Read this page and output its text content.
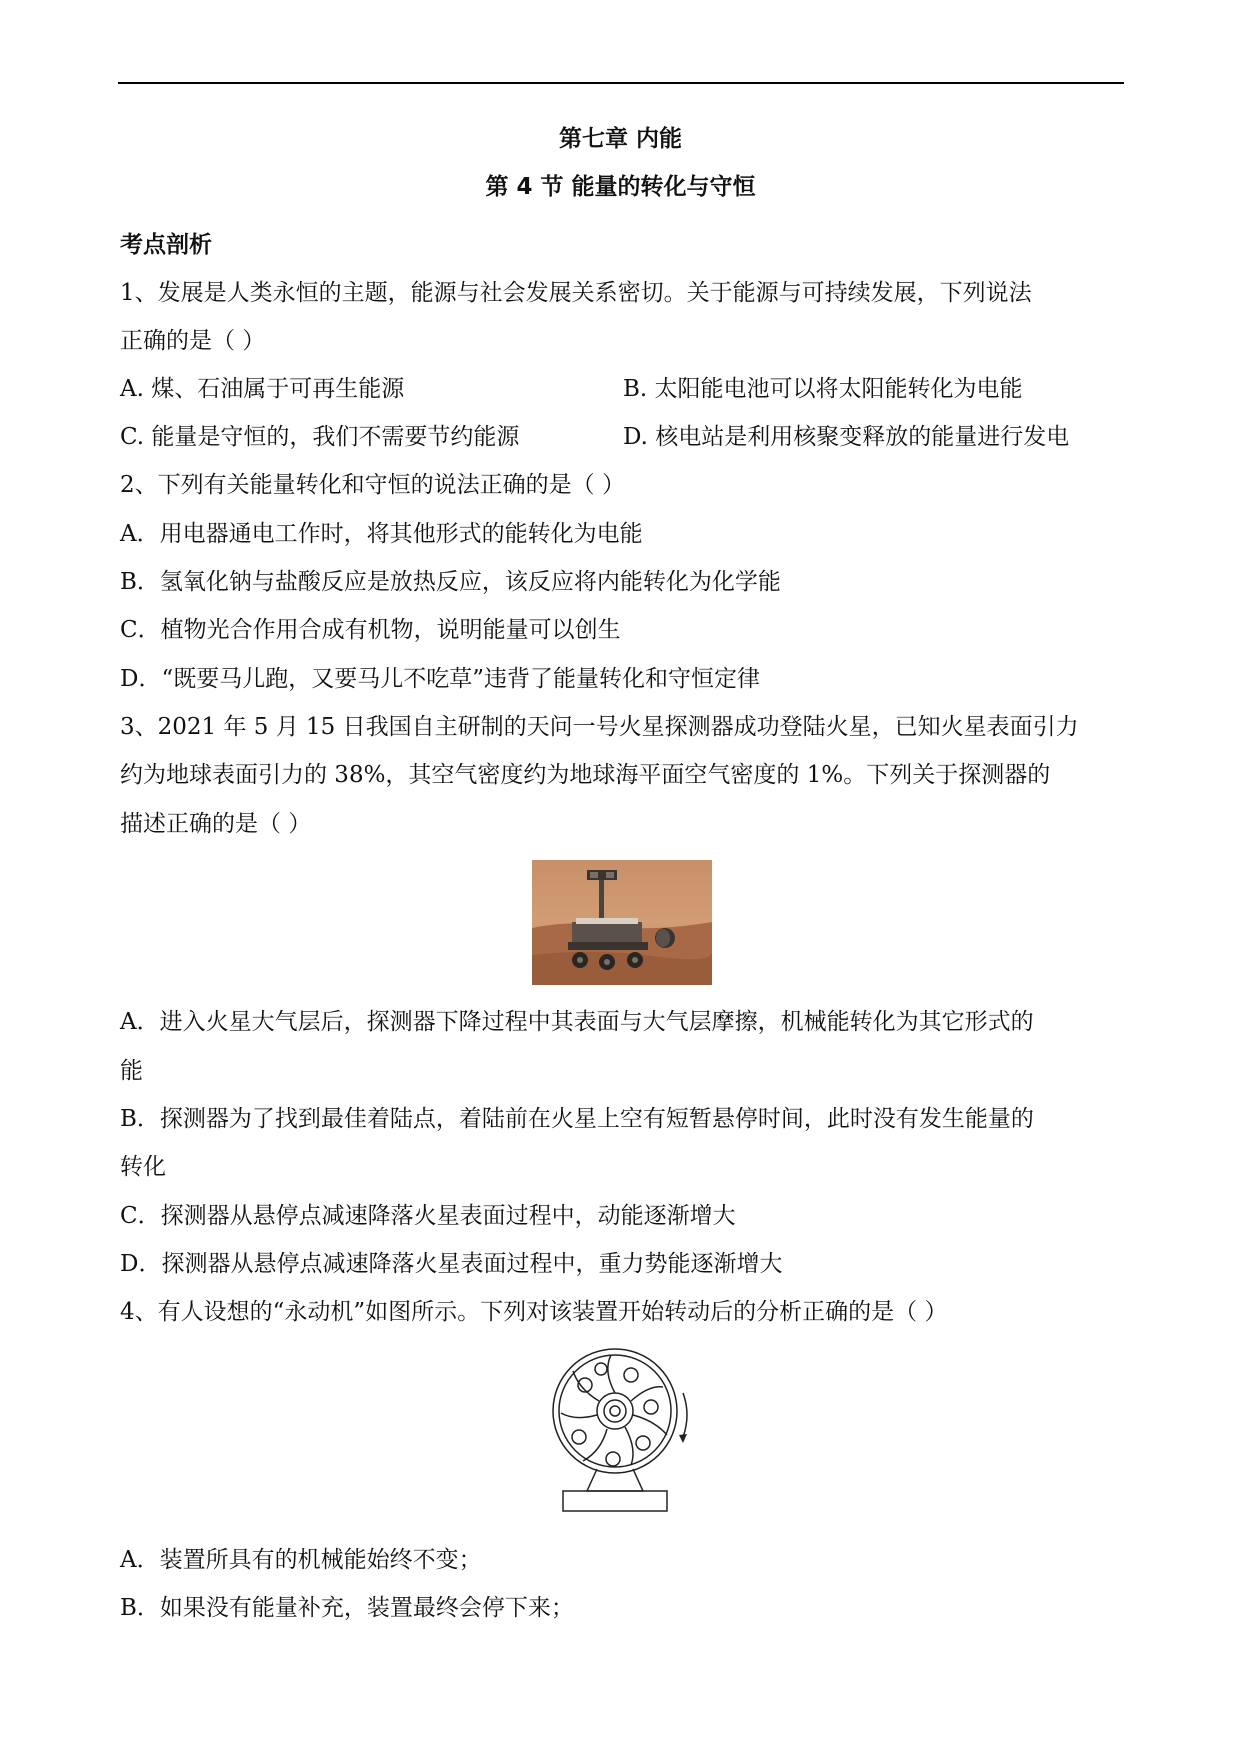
第七章 内能
第 4 节 能量的转化与守恒
考点剖析
1、发展是人类永恒的主题，能源与社会发展关系密切。关于能源与可持续发展，下列说法
正确的是（ ）
A. 煤、石油属于可再生能源	B. 太阳能电池可以将太阳能转化为电能
C. 能量是守恒的，我们不需要节约能源	D. 核电站是利用核聚变释放的能量进行发电
2、下列有关能量转化和守恒的说法正确的是（ ）
A．用电器通电工作时，将其他形式的能转化为电能
B．氢氧化钠与盐酸反应是放热反应，该反应将内能转化为化学能
C．植物光合作用合成有机物，说明能量可以创生
D．“既要马儿跑，又要马儿不吃草”违背了能量转化和守恒定律
3、2021 年 5 月 15 日我国自主研制的天问一号火星探测器成功登陆火星，已知火星表面引力
约为地球表面引力的 38%，其空气密度约为地球海平面空气密度的 1%。下列关于探测器的
描述正确的是（ ）
A．进入火星大气层后，探测器下降过程中其表面与大气层摩擦，机械能转化为其它形式的
能
B．探测器为了找到最佳着陆点，着陆前在火星上空有短暂悬停时间，此时没有发生能量的
转化
C．探测器从悬停点减速降落火星表面过程中，动能逐渐增大
D．探测器从悬停点减速降落火星表面过程中，重力势能逐渐增大
4、有人设想的“永动机”如图所示。下列对该装置开始转动后的分析正确的是（ ）
A．装置所具有的机械能始终不变；
B．如果没有能量补充，装置最终会停下来；
